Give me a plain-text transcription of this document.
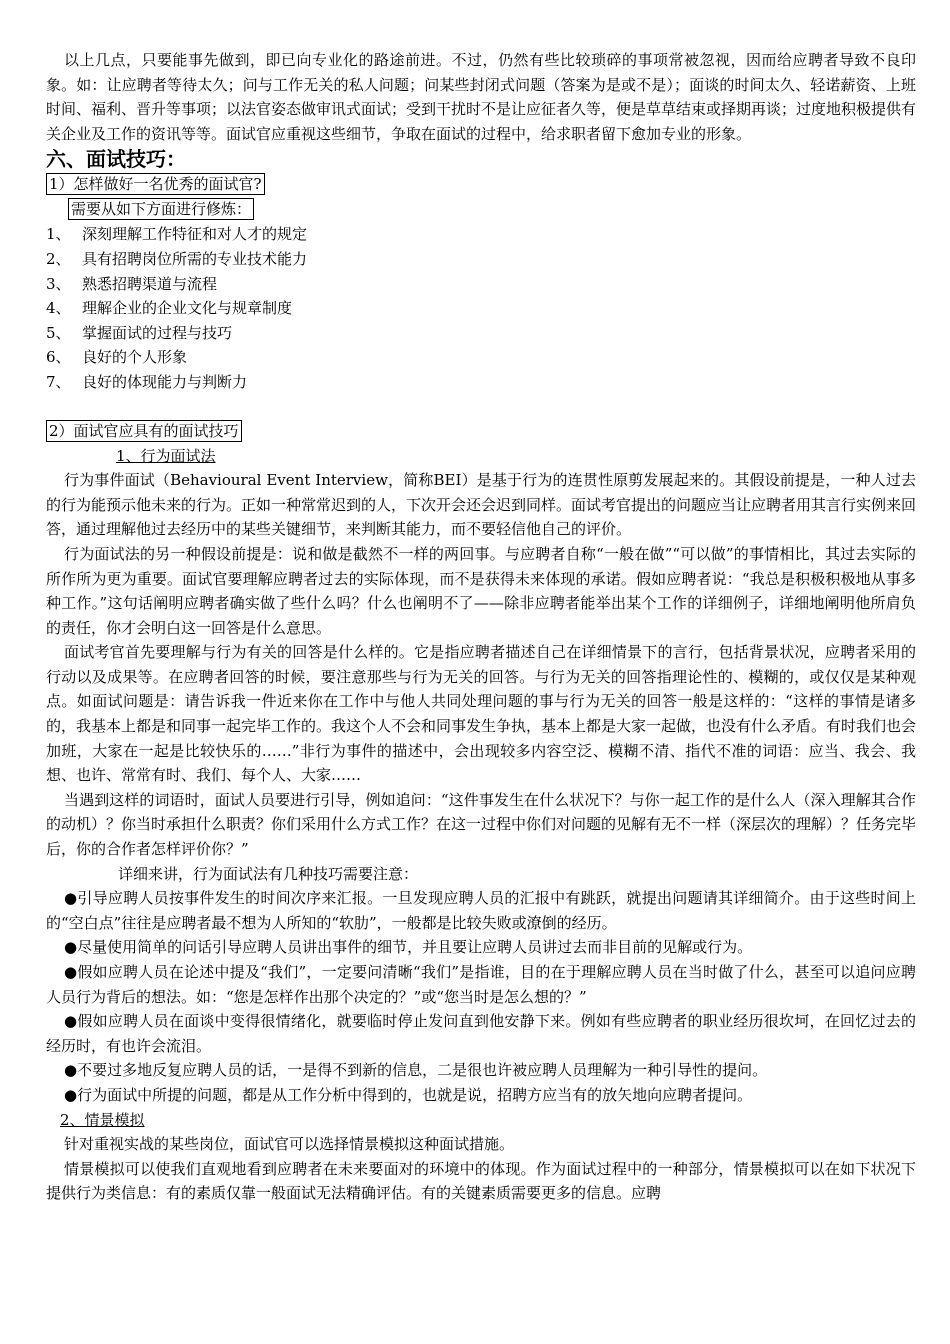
以上几点，只要能事先做到，即已向专业化的路途前进。不过，仍然有些比较琐碎的事项常被忽视，因而给应聘者导致不良印象。如：让应聘者等待太久；问与工作无关的私人问题；问某些封闭式问题（答案为是或不是）；面谈的时间太久、轻诺薪资、上班时间、福利、晋升等事项；以法官姿态做审讯式面试；受到干扰时不是让应征者久等，便是草草结束或择期再谈；过度地积极提供有关企业及工作的资讯等等。面试官应重视这些细节，争取在面试的过程中，给求职者留下愈加专业的形象。

六、面试技巧：
1）怎样做好一名优秀的面试官?
需要从如下方面进行修炼：
1、 深刻理解工作特征和对人才的规定
2、 具有招聘岗位所需的专业技术能力
3、 熟悉招聘渠道与流程
4、 理解企业的企业文化与规章制度
5、 掌握面试的过程与技巧
6、 良好的个人形象
7、 良好的体现能力与判断力
2）面试官应具有的面试技巧

1、行为面试法

行为事件面试（Behavioural Event Interview，简称BEI）是基于行为的连贯性原剪发展起来的。其假设前提是，一种人过去的行为能预示他未来的行为。正如一种常常迟到的人，下次开会还会迟到同样。面试考官提出的问题应当让应聘者用其言行实例来回答，通过理解他过去经历中的某些关键细节，来判断其能力，而不要轻信他自己的评价。

行为面试法的另一种假设前提是：说和做是截然不一样的两回事。与应聘者自称“一般在做”“可以做”的事情相比，其过去实际的所作所为更为重要。面试官要理解应聘者过去的实际体现，而不是获得未来体现的承诺。假如应聘者说：“我总是积极积极地从事多种工作。”这句话阐明应聘者确实做了些什么吗？什么也阐明不了——除非应聘者能举出某个工作的详细例子，详细地阐明他所肩负的责任，你才会明白这一回答是什么意思。

面试考官首先要理解与行为有关的回答是什么样的。它是指应聘者描述自己在详细情景下的言行，包括背景状况，应聘者采用的行动以及成果等。在应聘者回答的时候，要注意那些与行为无关的回答。与行为无关的回答指理论性的、模糊的，或仅仅是某种观点。如面试问题是：请告诉我一件近来你在工作中与他人共同处理问题的事与行为无关的回答一般是这样的：“这样的事情是诸多的，我基本上都是和同事一起完毕工作的。我这个人不会和同事发生争执，基本上都是大家一起做，也没有什么矛盾。有时我们也会加班，大家在一起是比较快乐的……”非行为事件的描述中，会出现较多内容空泛、模糊不清、指代不准的词语：应当、我会、我想、也许、常常有时、我们、每个人、大家……

当遇到这样的词语时，面试人员要进行引导，例如追问：“这件事发生在什么状况下？与你一起工作的是什么人（深入理解其合作的动机）？你当时承担什么职责？你们采用什么方式工作？在这一过程中你们对问题的见解有无不一样（深层次的理解）？任务完毕后，你的合作者怎样评价你？”

详细来讲，行为面试法有几种技巧需要注意：

●引导应聘人员按事件发生的时间次序来汇报。一旦发现应聘人员的汇报中有跳跃，就提出问题请其详细简介。由于这些时间上的“空白点”往往是应聘者最不想为人所知的“软肋”，一般都是比较失败或潦倒的经历。

●尽量使用简单的问话引导应聘人员讲出事件的细节，并且要让应聘人员讲过去而非目前的见解或行为。

●假如应聘人员在论述中提及“我们”，一定要问清晰“我们”是指谁，目的在于理解应聘人员在当时做了什么，甚至可以追问应聘人员行为背后的想法。如：“您是怎样作出那个决定的？”或“您当时是怎么想的？”

●假如应聘人员在面谈中变得很情绪化，就要临时停止发问直到他安静下来。例如有些应聘者的职业经历很坎坷，在回忆过去的经历时，有也许会流泪。

●不要过多地反复应聘人员的话，一是得不到新的信息，二是很也许被应聘人员理解为一种引导性的提问。

●行为面试中所提的问题，都是从工作分析中得到的，也就是说，招聘方应当有的放矢地向应聘者提问。

2、情景模拟

针对重视实战的某些岗位，面试官可以选择情景模拟这种面试措施。

情景模拟可以使我们直观地看到应聘者在未来要面对的环境中的体现。作为面试过程中的一种部分，情景模拟可以在如下状况下提供行为类信息：有的素质仅靠一般面试无法精确评估。有的关键素质需要更多的信息。应聘
